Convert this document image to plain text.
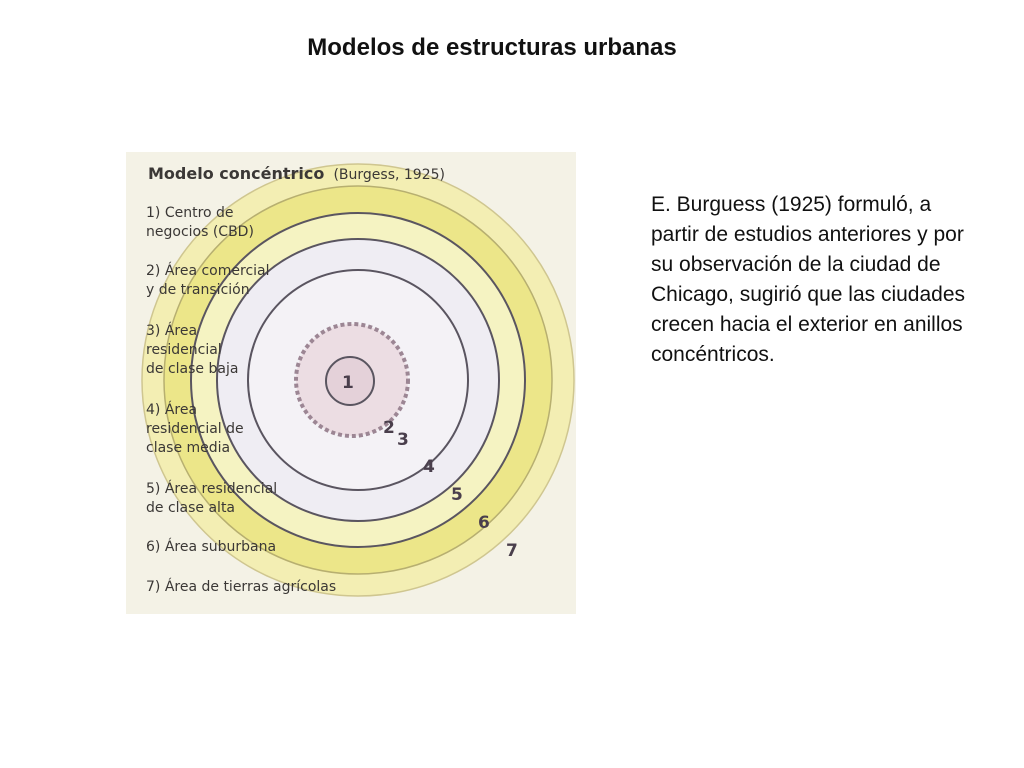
Modelos de estructuras urbanas
1
2
3
4
5
6
7
Modelo concéntrico (Burgess, 1925)
1) Centro de
negocios (CBD)
2) Área comercial
y de transición
3) Área
residencial
de clase baja
4) Área
residencial de
clase media
5) Área residencial
de clase alta
6) Área suburbana
7) Área de tierras agrícolas
E. Burguess (1925) formuló, a partir de estudios anteriores y por su observación de la ciudad de Chicago, sugirió que las ciudades crecen hacia el exterior en anillos concéntricos.
